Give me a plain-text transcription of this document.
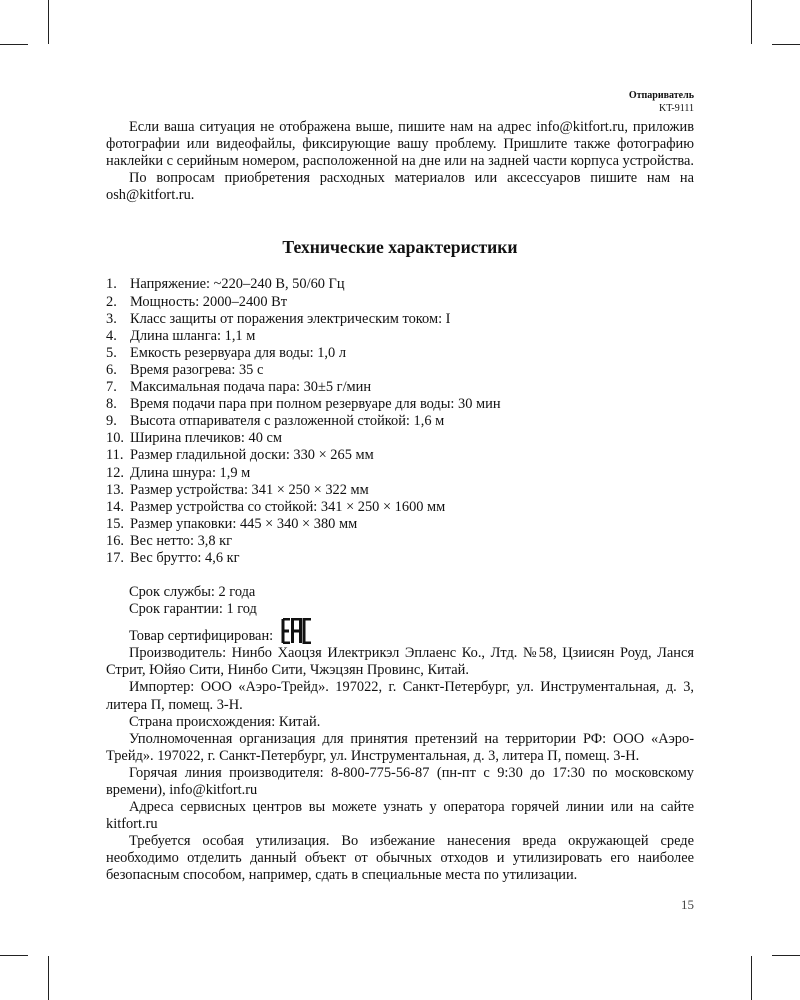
Отпариватель
KT-9111

Если ваша ситуация не отображена выше, пишите нам на адрес info@kitfort.ru, приложив фотографии или видеофайлы, фиксирующие вашу проблему. Пришлите также фотографию наклейки с серийным номером, расположенной на дне или на задней части корпуса устройства.

По вопросам приобретения расходных материалов или аксессуаров пишите нам на osh@kitfort.ru.

Технические характеристики
1. Напряжение: ~220–240 В, 50/60 Гц
2. Мощность: 2000–2400 Вт
3. Класс защиты от поражения электрическим током: I
4. Длина шланга: 1,1 м
5. Емкость резервуара для воды: 1,0 л
6. Время разогрева: 35 с
7. Максимальная подача пара: 30±5 г/мин
8. Время подачи пара при полном резервуаре для воды: 30 мин
9. Высота отпаривателя с разложенной стойкой: 1,6 м
10. Ширина плечиков: 40 см
11. Размер гладильной доски: 330 × 265 мм
12. Длина шнура: 1,9 м
13. Размер устройства: 341 × 250 × 322 мм
14. Размер устройства со стойкой: 341 × 250 × 1600 мм
15. Размер упаковки: 445 × 340 × 380 мм
16. Вес нетто: 3,8 кг
17. Вес брутто: 4,6 кг
Срок службы: 2 года
Срок гарантии: 1 год
Товар сертифицирован:

Производитель: Нинбо Хаоцзя Илектрикэл Эплаенс Ко., Лтд. №58, Цзиисян Роуд, Ланся Стрит, Юйяо Сити, Нинбо Сити, Чжэцзян Провинс, Китай.

Импортер: ООО «Аэро-Трейд». 197022, г. Санкт-Петербург, ул. Инструментальная, д. 3, литера П, помещ. 3-Н.

Страна происхождения: Китай.

Уполномоченная организация для принятия претензий на территории РФ: ООО «Аэро-Трейд». 197022, г. Санкт-Петербург, ул. Инструментальная, д. 3, литера П, помещ. 3-Н.

Горячая линия производителя: 8-800-775-56-87 (пн-пт с 9:30 до 17:30 по московскому времени), info@kitfort.ru

Адреса сервисных центров вы можете узнать у оператора горячей линии или на сайте kitfort.ru

Требуется особая утилизация. Во избежание нанесения вреда окружающей среде необходимо отделить данный объект от обычных отходов и утилизировать его наиболее безопасным способом, например, сдать в специальные места по утилизации.

15
